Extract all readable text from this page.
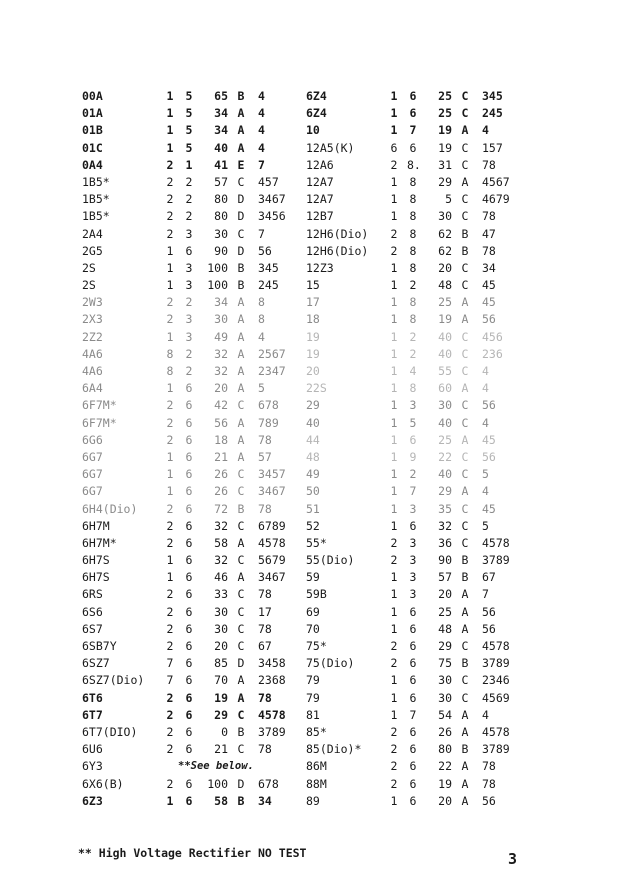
00A	1 5	65 B	4
01A	1 5	34 A	4
01B	1 5	34 A	4
01C	1 5	40 A	4
0A4	2 1	41 E	7
1B5*	2 2	57 C	457
1B5*	2 2	80 D	3467
1B5*	2 2	80 D	3456
2A4	2 3	30 C	7
2G5	1 6	90 D	56
2S	1 3	100 B	345
2S	1 3	100 B	245
2W3	2 2	34 A	8
2X3	2 3	30 A	8
2Z2	1 3	49 A	4
4A6	8 2	32 A	2567
4A6	8 2	32 A	2347
6A4	1 6	20 A	5
6F7M*	2 6	42 C	678
6F7M*	2 6	56 A	789
6G6	2 6	18 A	78
6G7	1 6	21 A	57
6G7	1 6	26 C	3457
6G7	1 6	26 C	3467
6H4(Dio)	2 6	72 B	78
6H7M	2 6	32 C	6789
6H7M*	2 6	58 A	4578
6H7S	1 6	32 C	5679
6H7S	1 6	46 A	3467
6RS	2 6	33 C	78
6S6	2 6	30 C	17
6S7	2 6	30 C	78
6SB7Y	2 6	20 C	67
6SZ7	7 6	85 D	3458
6SZ7(Dio) 7 6	70 A	2368
6T6	2 6	19 A	78
6T7	2 6	29 C	4578
6T7(DIO)	2 6	0 B	3789
6U6	2 6	21 C	78
6Y3	**See below.
6X6(B)	2 6	100 D	678
6Z3	1 6	58 B	34
6Z4	1 6	25 C	345
6Z4	1 6	25 C	245
10	1 7	19 A	4
12A5(K)	6 6	19 C	157
12A6	2 8.	31 C	78
12A7	1 8	29 A	4567
12A7	1 8	5 C	4679
12B7	1 8	30 C	78
12H6(Dio) 2 8	62 B	47
12H6(Dio) 2 8	62 B	78
12Z3	1 8	20 C	34
15	1 2	48 C	45
17	1 8	25 A	45
18	1 8	19 A	56
19	1 2	40 C	456
19	1 2	40 C	236
20	1 4	55 C	4
22S	1 8	60 A	4
29	1 3	30 C	56
40	1 5	40 C	4
44	1 6	25 A	45
48	1 9	22 C	56
49	1 2	40 C	5
50	1 7	29 A	4
51	1 3	35 C	45
52	1 6	32 C	5
55*	2 3	36 C	4578
55(Dio)	2 3	90 B	3789
59	1 3	57 B	67
59B	1 3	20 A	7
69	1 6	25 A	56
70	1 6	48 A	56
75*	2 6	29 C	4578
75(Dio)	2 6	75 B	3789
79	1 6	30 C	2346
79	1 6	30 C	4569
81	1 7	54 A	4
85*	2 6	26 A	4578
85(Dio)*	2 6	80 B	3789
86M	2 6	22 A	78
88M	2 6	19 A	78
89	1 6	20 A	56
** High Voltage Rectifier NO TEST	3
